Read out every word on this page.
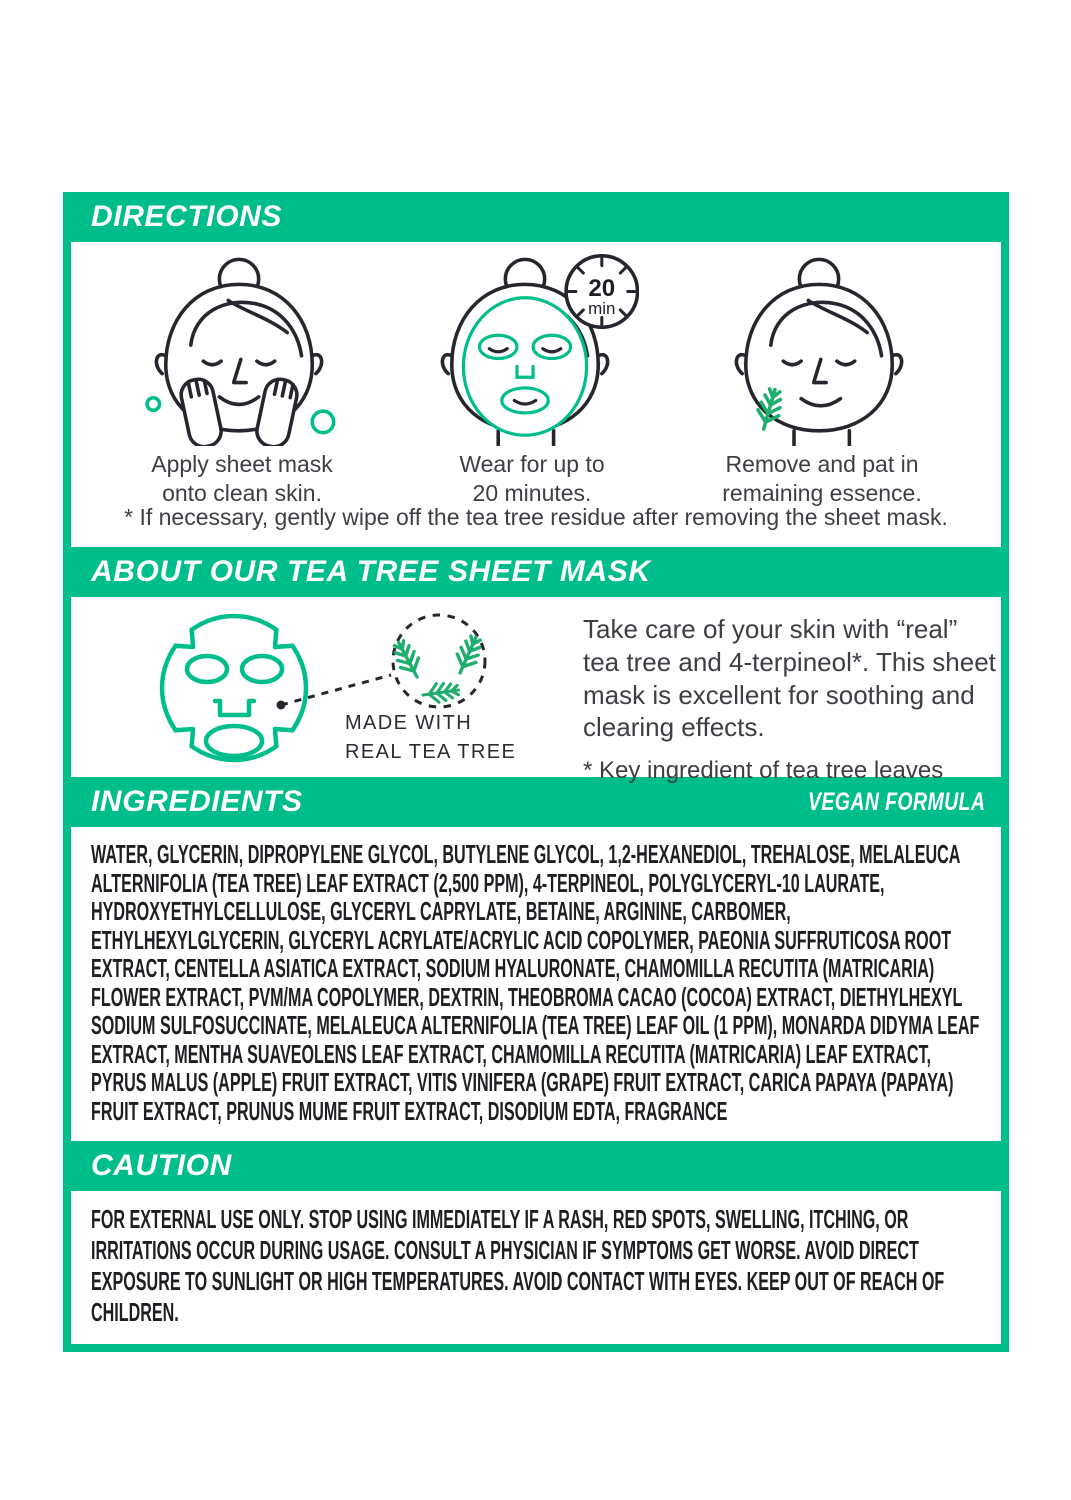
DIRECTIONS
Apply sheet mask
onto clean skin.
20
min
Wear for up to
20 minutes.
Remove and pat in
remaining essence.
* If necessary, gently wipe off the tea tree residue after removing the sheet mask.
ABOUT OUR TEA TREE SHEET MASK
MADE WITH
REAL TEA TREE
Take care of your skin with “real”
tea tree and 4-terpineol*. This sheet
mask is excellent for soothing and
clearing effects.
* Key ingredient of tea tree leaves
INGREDIENTS	VEGAN FORMULA
WATER, GLYCERIN, DIPROPYLENE GLYCOL, BUTYLENE GLYCOL, 1,2-HEXANEDIOL, TREHALOSE, MELALEUCA ALTERNIFOLIA (TEA TREE) LEAF EXTRACT (2,500 PPM), 4-TERPINEOL, POLYGLYCERYL-10 LAURATE, HYDROXYETHYLCELLULOSE, GLYCERYL CAPRYLATE, BETAINE, ARGININE, CARBOMER, ETHYLHEXYLGLYCERIN, GLYCERYL ACRYLATE/ACRYLIC ACID COPOLYMER, PAEONIA SUFFRUTICOSA ROOT EXTRACT, CENTELLA ASIATICA EXTRACT, SODIUM HYALURONATE, CHAMOMILLA RECUTITA (MATRICARIA) FLOWER EXTRACT, PVM/MA COPOLYMER, DEXTRIN, THEOBROMA CACAO (COCOA) EXTRACT, DIETHYLHEXYL SODIUM SULFOSUCCINATE, MELALEUCA ALTERNIFOLIA (TEA TREE) LEAF OIL (1 PPM), MONARDA DIDYMA LEAF EXTRACT, MENTHA SUAVEOLENS LEAF EXTRACT, CHAMOMILLA RECUTITA (MATRICARIA) LEAF EXTRACT, PYRUS MALUS (APPLE) FRUIT EXTRACT, VITIS VINIFERA (GRAPE) FRUIT EXTRACT, CARICA PAPAYA (PAPAYA) FRUIT EXTRACT, PRUNUS MUME FRUIT EXTRACT, DISODIUM EDTA, FRAGRANCE
CAUTION
FOR EXTERNAL USE ONLY. STOP USING IMMEDIATELY IF A RASH, RED SPOTS, SWELLING, ITCHING, OR IRRITATIONS OCCUR DURING USAGE. CONSULT A PHYSICIAN IF SYMPTOMS GET WORSE. AVOID DIRECT EXPOSURE TO SUNLIGHT OR HIGH TEMPERATURES. AVOID CONTACT WITH EYES. KEEP OUT OF REACH OF CHILDREN.
